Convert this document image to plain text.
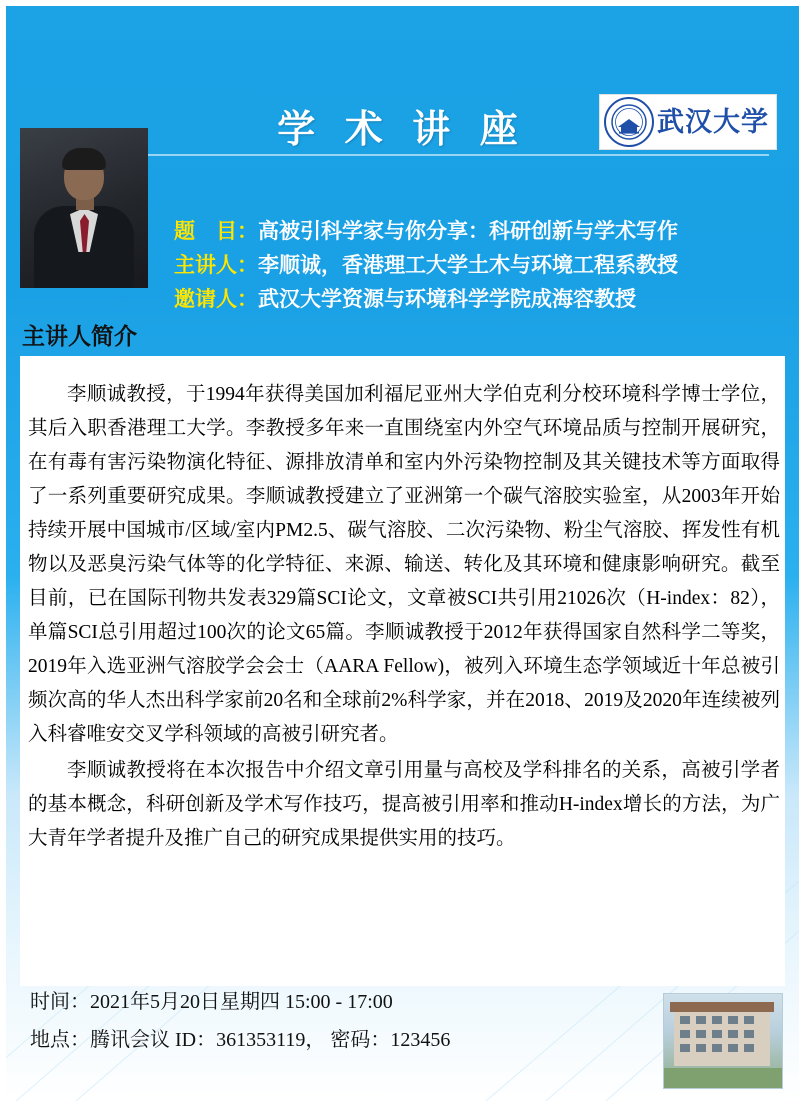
学 术 讲 座	武汉大学
题　目：高被引科学家与你分享：科研创新与学术写作
主讲人：李顺诚，香港理工大学土木与环境工程系教授
邀请人：武汉大学资源与环境科学学院成海容教授
主讲人简介

李顺诚教授，于1994年获得美国加利福尼亚州大学伯克利分校环境科学博士学位，其后入职香港理工大学。李教授多年来一直围绕室内外空气环境品质与控制开展研究，在有毒有害污染物演化特征、源排放清单和室内外污染物控制及其关键技术等方面取得了一系列重要研究成果。李顺诚教授建立了亚洲第一个碳气溶胶实验室，从2003年开始持续开展中国城市/区域/室内PM2.5、碳气溶胶、二次污染物、粉尘气溶胶、挥发性有机物以及恶臭污染气体等的化学特征、来源、输送、转化及其环境和健康影响研究。截至目前，已在国际刊物共发表329篇SCI论文，文章被SCI共引用21026次（H-index：82），单篇SCI总引用超过100次的论文65篇。李顺诚教授于2012年获得国家自然科学二等奖，2019年入选亚洲气溶胶学会会士（AARA Fellow)，被列入环境生态学领域近十年总被引频次高的华人杰出科学家前20名和全球前2%科学家，并在2018、2019及2020年连续被列入科睿唯安交叉学科领域的高被引研究者。

李顺诚教授将在本次报告中介绍文章引用量与高校及学科排名的关系，高被引学者的基本概念，科研创新及学术写作技巧，提高被引用率和推动H-index增长的方法，为广大青年学者提升及推广自己的研究成果提供实用的技巧。

时间：2021年5月20日星期四 15:00 - 17:00
地点：腾讯会议 ID：361353119， 密码：123456
